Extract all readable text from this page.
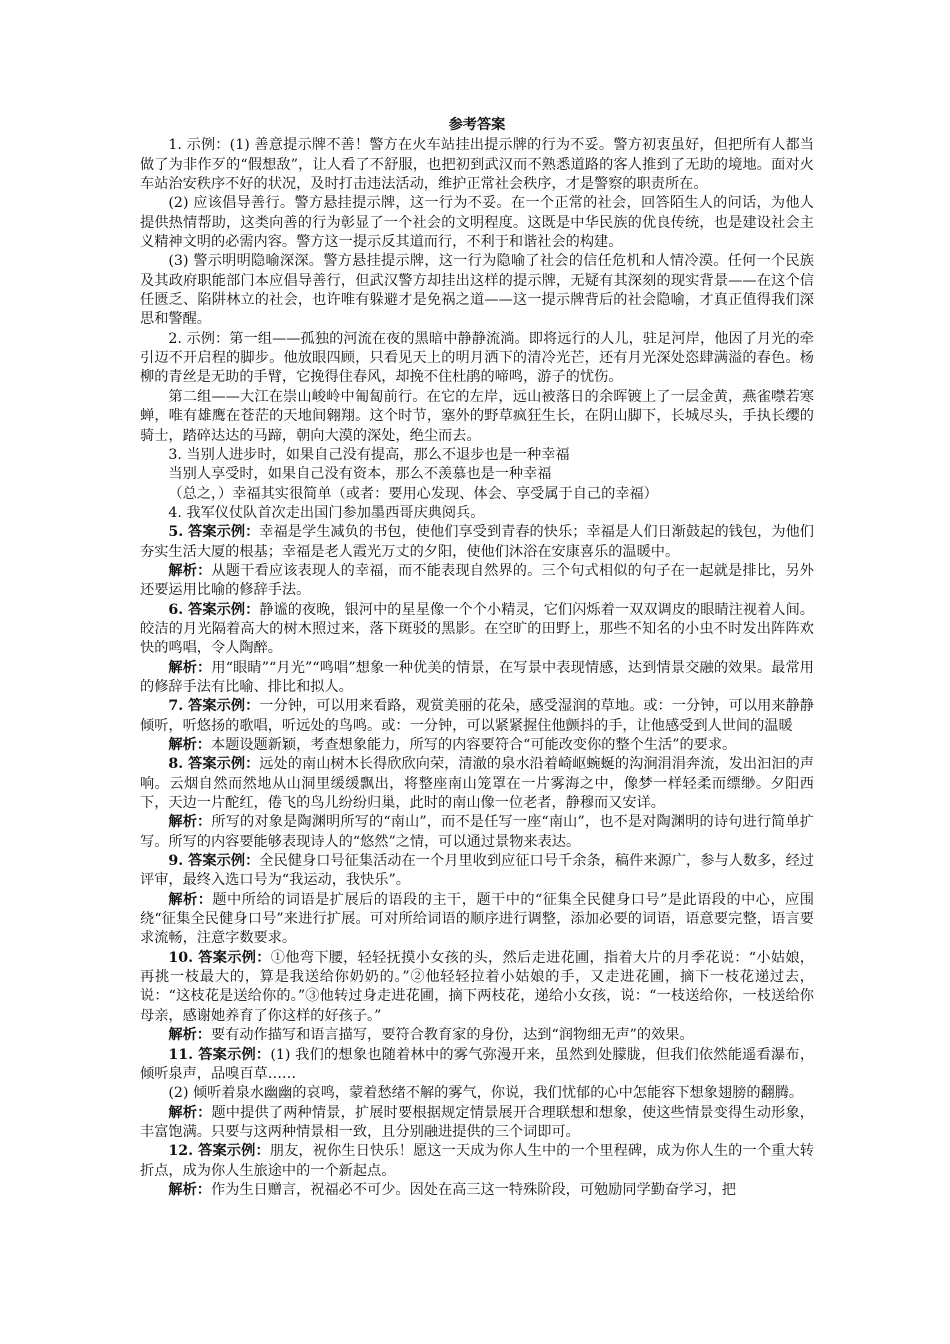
参考答案

1. 示例：(1) 善意提示牌不善！警方在火车站挂出提示牌的行为不妥。警方初衷虽好，但把所有人都当做了为非作歹的“假想敌”，让人看了不舒服，也把初到武汉而不熟悉道路的客人推到了无助的境地。面对火车站治安秩序不好的状况，及时打击违法活动，维护正常社会秩序，才是警察的职责所在。

(2) 应该倡导善行。警方悬挂提示牌，这一行为不妥。在一个正常的社会，回答陌生人的问话，为他人提供热情帮助，这类向善的行为彰显了一个社会的文明程度。这既是中华民族的优良传统，也是建设社会主义精神文明的必需内容。警方这一提示反其道而行，不利于和谐社会的构建。

(3) 警示明明隐喻深深。警方悬挂提示牌，这一行为隐喻了社会的信任危机和人情冷漠。任何一个民族及其政府职能部门本应倡导善行，但武汉警方却挂出这样的提示牌，无疑有其深刻的现实背景——在这个信任匮乏、陷阱林立的社会，也许唯有躲避才是免祸之道——这一提示牌背后的社会隐喻，才真正值得我们深思和警醒。

2. 示例：第一组——孤独的河流在夜的黑暗中静静流淌。即将远行的人儿，驻足河岸，他因了月光的牵引迈不开启程的脚步。他放眼四顾，只看见天上的明月洒下的清冷光芒，还有月光深处恣肆满溢的春色。杨柳的青丝是无助的手臂，它挽得住春风，却挽不住杜鹃的啼鸣，游子的忧伤。

第二组——大江在崇山峻岭中匍匐前行。在它的左岸，远山被落日的余晖镀上了一层金黄，燕雀噤若寒蝉，唯有雄鹰在苍茫的天地间翱翔。这个时节，塞外的野草疯狂生长，在阴山脚下，长城尽头，手执长缨的骑士，踏碎达达的马蹄，朝向大漠的深处，绝尘而去。

3. 当别人进步时，如果自己没有提高，那么不退步也是一种幸福

当别人享受时，如果自己没有资本，那么不羡慕也是一种幸福

（总之，）幸福其实很简单（或者：要用心发现、体会、享受属于自己的幸福）

4. 我军仪仗队首次走出国门参加墨西哥庆典阅兵。

5. 答案示例：幸福是学生减负的书包，使他们享受到青春的快乐；幸福是人们日渐鼓起的钱包，为他们夯实生活大厦的根基；幸福是老人霞光万丈的夕阳，使他们沐浴在安康喜乐的温暖中。

解析：从题干看应该表现人的幸福，而不能表现自然界的。三个句式相似的句子在一起就是排比，另外还要运用比喻的修辞手法。

6. 答案示例：静谧的夜晚，银河中的星星像一个个小精灵，它们闪烁着一双双调皮的眼睛注视着人间。皎洁的月光隔着高大的树木照过来，落下斑驳的黑影。在空旷的田野上，那些不知名的小虫不时发出阵阵欢快的鸣唱，令人陶醉。

解析：用“眼睛”“月光”“鸣唱”想象一种优美的情景，在写景中表现情感，达到情景交融的效果。最常用的修辞手法有比喻、排比和拟人。

7. 答案示例：一分钟，可以用来看路，观赏美丽的花朵，感受湿润的草地。或：一分钟，可以用来静静倾听，听悠扬的歌唱，听远处的鸟鸣。或：一分钟，可以紧紧握住他颤抖的手，让他感受到人世间的温暖

解析：本题设题新颖，考查想象能力，所写的内容要符合“可能改变你的整个生活”的要求。

8. 答案示例：远处的南山树木长得欣欣向荣，清澈的泉水沿着崎岖蜿蜒的沟涧涓涓奔流，发出汩汩的声响。云烟自然而然地从山洞里缓缓飘出，将整座南山笼罩在一片雾海之中，像梦一样轻柔而缥缈。夕阳西下，天边一片酡红，倦飞的鸟儿纷纷归巢，此时的南山像一位老者，静穆而又安详。

解析：所写的对象是陶渊明所写的“南山”，而不是任写一座“南山”，也不是对陶渊明的诗句进行简单扩写。所写的内容要能够表现诗人的“悠然”之情，可以通过景物来表达。

9. 答案示例：全民健身口号征集活动在一个月里收到应征口号千余条，稿件来源广，参与人数多，经过评审，最终入选口号为“我运动，我快乐”。

解析：题中所给的词语是扩展后的语段的主干，题干中的“征集全民健身口号”是此语段的中心，应围绕“征集全民健身口号”来进行扩展。可对所给词语的顺序进行调整，添加必要的词语，语意要完整，语言要求流畅，注意字数要求。

10. 答案示例：①他弯下腰，轻轻抚摸小女孩的头，然后走进花圃，指着大片的月季花说：“小姑娘，再挑一枝最大的，算是我送给你奶奶的。”②他轻轻拉着小姑娘的手，又走进花圃，摘下一枝花递过去，说：“这枝花是送给你的。”③他转过身走进花圃，摘下两枝花，递给小女孩，说：“一枝送给你，一枝送给你母亲，感谢她养育了你这样的好孩子。”

解析：要有动作描写和语言描写，要符合教育家的身份，达到“润物细无声”的效果。

11. 答案示例：(1) 我们的想象也随着林中的雾气弥漫开来，虽然到处朦胧，但我们依然能遥看瀑布，倾听泉声，品嗅百草……

(2) 倾听着泉水幽幽的哀鸣，蒙着愁绪不解的雾气，你说，我们忧郁的心中怎能容下想象翅膀的翻腾。

解析：题中提供了两种情景，扩展时要根据规定情景展开合理联想和想象，使这些情景变得生动形象，丰富饱满。只要与这两种情景相一致，且分别融进提供的三个词即可。

12. 答案示例：朋友，祝你生日快乐！愿这一天成为你人生中的一个里程碑，成为你人生的一个重大转折点，成为你人生旅途中的一个新起点。

解析：作为生日赠言，祝福必不可少。因处在高三这一特殊阶段，可勉励同学勤奋学习，把
